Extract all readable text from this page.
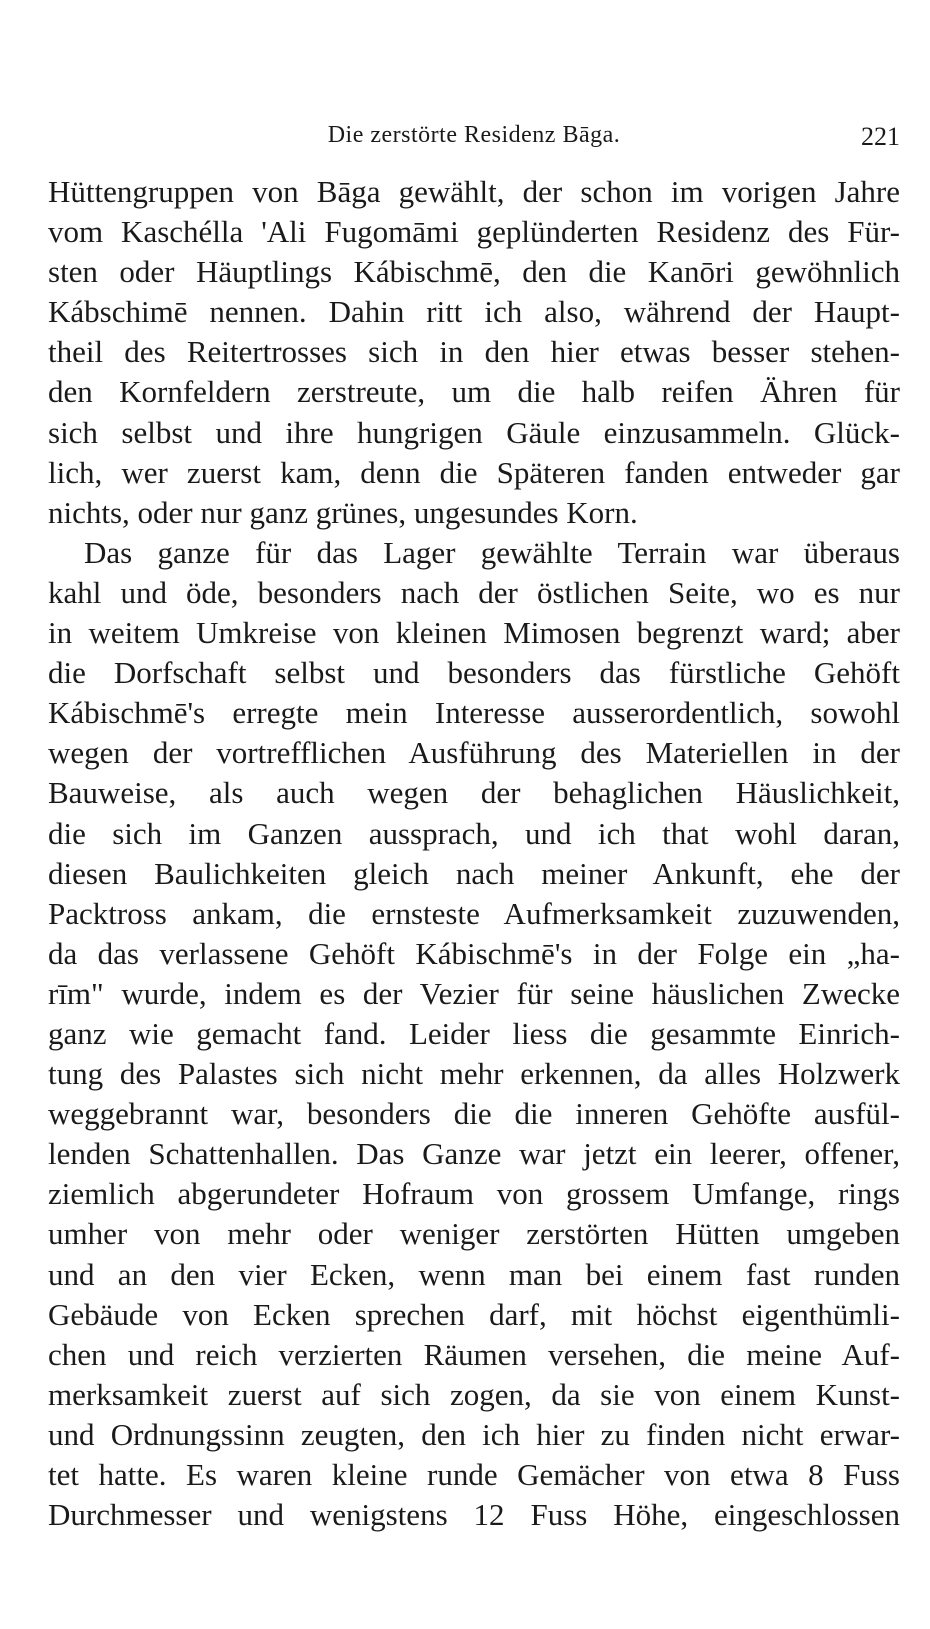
Die zerstörte Residenz Bāga.	221
Hüttengruppen von Bāga gewählt, der schon im vorigen Jahre
vom Kaschélla 'Ali Fugomāmi geplünderten Residenz des Für-
sten oder Häuptlings Kábischmē, den die Kanōri gewöhnlich
Kábschimē nennen. Dahin ritt ich also, während der Haupt-
theil des Reitertrosses sich in den hier etwas besser stehen-
den Kornfeldern zerstreute, um die halb reifen Ähren für
sich selbst und ihre hungrigen Gäule einzusammeln. Glück-
lich, wer zuerst kam, denn die Späteren fanden entweder gar
nichts, oder nur ganz grünes, ungesundes Korn.
Das ganze für das Lager gewählte Terrain war überaus
kahl und öde, besonders nach der östlichen Seite, wo es nur
in weitem Umkreise von kleinen Mimosen begrenzt ward; aber
die Dorfschaft selbst und besonders das fürstliche Gehöft
Kábischmē's erregte mein Interesse ausserordentlich, sowohl
wegen der vortrefflichen Ausführung des Materiellen in der
Bauweise, als auch wegen der behaglichen Häuslichkeit,
die sich im Ganzen aussprach, und ich that wohl daran,
diesen Baulichkeiten gleich nach meiner Ankunft, ehe der
Packtross ankam, die ernsteste Aufmerksamkeit zuzuwenden,
da das verlassene Gehöft Kábischmē's in der Folge ein „ha-
rīm" wurde, indem es der Vezier für seine häuslichen Zwecke
ganz wie gemacht fand. Leider liess die gesammte Einrich-
tung des Palastes sich nicht mehr erkennen, da alles Holzwerk
weggebrannt war, besonders die die inneren Gehöfte ausfül-
lenden Schattenhallen. Das Ganze war jetzt ein leerer, offener,
ziemlich abgerundeter Hofraum von grossem Umfange, rings
umher von mehr oder weniger zerstörten Hütten umgeben
und an den vier Ecken, wenn man bei einem fast runden
Gebäude von Ecken sprechen darf, mit höchst eigenthümli-
chen und reich verzierten Räumen versehen, die meine Auf-
merksamkeit zuerst auf sich zogen, da sie von einem Kunst-
und Ordnungssinn zeugten, den ich hier zu finden nicht erwar-
tet hatte. Es waren kleine runde Gemächer von etwa 8 Fuss
Durchmesser und wenigstens 12 Fuss Höhe, eingeschlossen
